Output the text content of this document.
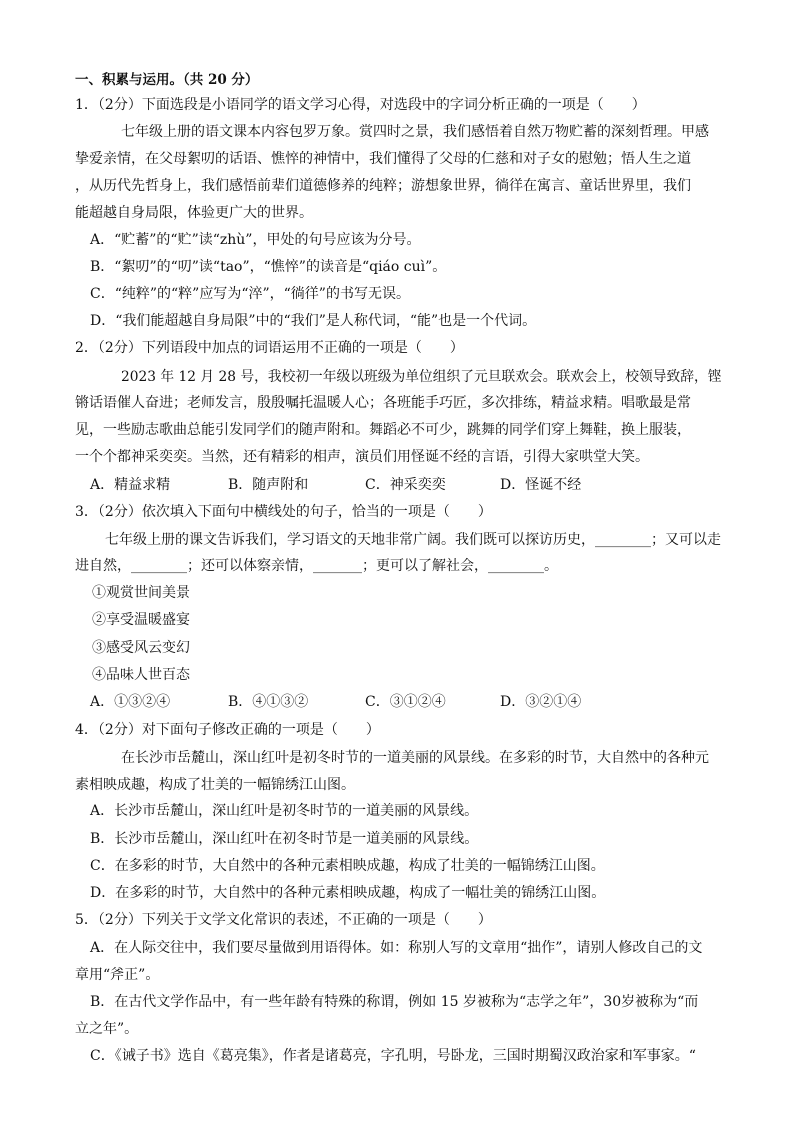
一、积累与运用。（共 20 分）
1．（2分）下面选段是小语同学的语文学习心得，对选段中的字词分析正确的一项是（　　）
七年级上册的语文课本内容包罗万象。赏四时之景，我们感悟着自然万物贮蓄的深刻哲理。甲感
挚爱亲情，在父母絮叨的话语、憔悴的神情中，我们懂得了父母的仁慈和对子女的慰勉；悟人生之道
，从历代先哲身上，我们感悟前辈们道德修养的纯粹；游想象世界，徜徉在寓言、童话世界里，我们
能超越自身局限，体验更广大的世界。
A．“贮蓄”的“贮”读“zhù”，甲处的句号应该为分号。
B．“絮叨”的“叨”读“tao”，“憔悴”的读音是“qiáo cuì”。
C．“纯粹”的“粹”应写为“淬”，“徜徉”的书写无误。
D．“我们能超越自身局限”中的“我们”是人称代词，“能”也是一个代词。
2．（2分）下列语段中加点的词语运用不正确的一项是（　　）
2023 年 12 月 28 号，我校初一年级以班级为单位组织了元旦联欢会。联欢会上，校领导致辞，铿
锵话语催人奋进；老师发言，殷殷嘱托温暖人心；各班能手巧匠，多次排练，精益求精。唱歌最是常
见，一些励志歌曲总能引发同学们的随声附和。舞蹈必不可少，跳舞的同学们穿上舞鞋，换上服装，
一个个都神采奕奕。当然，还有精彩的相声，演员们用怪诞不经的言语，引得大家哄堂大笑。
A．精益求精	B．随声附和	C．神采奕奕	D．怪诞不经
3．（2分）依次填入下面句中横线处的句子，恰当的一项是（　　）
七年级上册的课文告诉我们，学习语文的天地非常广阔。我们既可以探访历史，________；又可以走
进自然，________；还可以体察亲情，_______；更可以了解社会，________。
①观赏世间美景
②享受温暖盛宴
③感受风云变幻
④品味人世百态
A．①③②④	B．④①③②	C．③①②④	D．③②①④
4．（2分）对下面句子修改正确的一项是（　　）
在长沙市岳麓山，深山红叶是初冬时节的一道美丽的风景线。在多彩的时节，大自然中的各种元
素相映成趣，构成了壮美的一幅锦绣江山图。
A．长沙市岳麓山，深山红叶是初冬时节的一道美丽的风景线。
B．长沙市岳麓山，深山红叶在初冬时节是一道美丽的风景线。
C．在多彩的时节，大自然中的各种元素相映成趣，构成了壮美的一幅锦绣江山图。
D．在多彩的时节，大自然中的各种元素相映成趣，构成了一幅壮美的锦绣江山图。
5．（2分）下列关于文学文化常识的表述，不正确的一项是（　　）
A．在人际交往中，我们要尽量做到用语得体。如：称别人写的文章用“拙作”，请别人修改自己的文
章用“斧正”。
B．在古代文学作品中，有一些年龄有特殊的称谓，例如 15 岁被称为“志学之年”，30岁被称为“而
立之年”。
C．《诫子书》选自《葛亮集》，作者是诸葛亮，字孔明，号卧龙，三国时期蜀汉政治家和军事家。“
